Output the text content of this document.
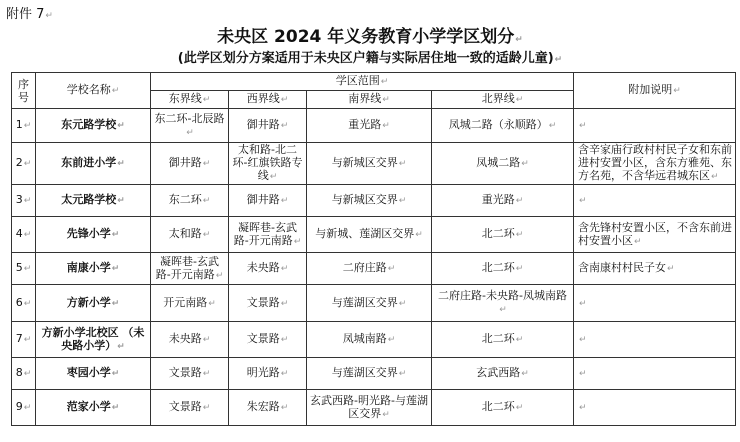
附件 7↵
未央区 2024 年义务教育小学学区划分↵
(此学区划分方案适用于未央区户籍与实际居住地一致的适龄儿童)↵
序号	学校名称↵	学区范围↵				附加说明↵
		东界线↵	西界线↵	南界线↵	北界线↵	
1↵	东元路学校↵	东二环-北辰路↵	御井路↵	重光路↵	凤城二路（永顺路）↵	↵
2↵	东前进小学↵	御井路↵	太和路-北二环-红旗铁路专线↵	与新城区交界↵	凤城二路↵	含辛家庙行政村村民子女和东前进村安置小区，含东方雅苑、东方名苑，不含华远君城东区↵
3↵	太元路学校↵	东二环↵	御井路↵	与新城区交界↵	重光路↵	↵
4↵	先锋小学↵	太和路↵	凝晖巷-玄武路-开元南路↵	与新城、莲湖区交界↵	北二环↵	含先锋村安置小区，不含东前进村安置小区↵
5↵	南康小学↵	凝晖巷-玄武路-开元南路↵	未央路↵	二府庄路↵	北二环↵	含南康村村民子女↵
6↵	方新小学↵	开元南路↵	文景路↵	与莲湖区交界↵	二府庄路-未央路-凤城南路↵	↵
7↵	方新小学北校区 （未央路小学）↵	未央路↵	文景路↵	凤城南路↵	北二环↵	↵
8↵	枣园小学↵	文景路↵	明光路↵	与莲湖区交界↵	玄武西路↵	↵
9↵	范家小学↵	文景路↵	朱宏路↵	玄武西路-明光路-与莲湖区交界↵	北二环↵	↵
